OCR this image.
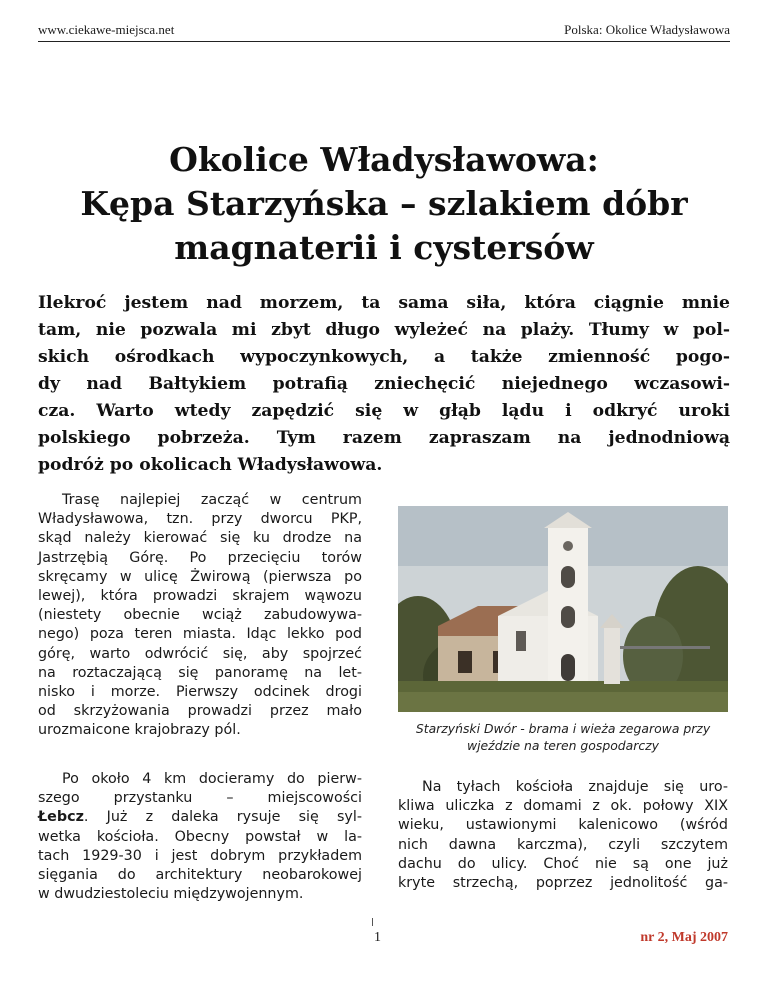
www.ciekawe-miejsca.net	Polska: Okolice Władysławowa
Okolice Władysławowa:
Kępa Starzyńska – szlakiem dóbr
magnaterii i cystersów
Ilekroć jestem nad morzem, ta sama siła, która ciągnie mnie
tam, nie pozwala mi zbyt długo wyleżeć na plaży. Tłumy w pol-
skich ośrodkach wypoczynkowych, a także zmienność pogo-
dy nad Bałtykiem potrafią zniechęcić niejednego wczasowi-
cza. Warto wtedy zapędzić się w głąb lądu i odkryć uroki
polskiego pobrzeża. Tym razem zapraszam na jednodniową
podróż po okolicach Władysławowa.
Trasę najlepiej zacząć w centrum
Władysławowa, tzn. przy dworcu PKP,
skąd należy kierować się ku drodze na
Jastrzębią Górę. Po przecięciu torów
skręcamy w ulicę Żwirową (pierwsza po
lewej), która prowadzi skrajem wąwozu
(niestety obecnie wciąż zabudowywa-
nego) poza teren miasta. Idąc lekko pod
górę, warto odwrócić się, aby spojrzeć
na roztaczającą się panoramę na let-
nisko i morze. Pierwszy odcinek drogi
od skrzyżowania prowadzi przez mało
urozmaicone krajobrazy pól.
Po około 4 km docieramy do pierw-
szego przystanku – miejscowości
Łebcz. Już z daleka rysuje się syl-
wetka kościoła. Obecny powstał w la-
tach 1929-30 i jest dobrym przykładem
sięgania do architektury neobarokowej
w dwudziestoleciu międzywojennym.
Starzyński Dwór - brama i wieża zegarowa przy
wjeździe na teren gospodarczy
Na tyłach kościoła znajduje się uro-
kliwa uliczka z domami z ok. połowy XIX
wieku, ustawionymi kalenicowo (wśród
nich dawna karczma), czyli szczytem
dachu do ulicy. Choć nie są one już
kryte strzechą, poprzez jednolitość ga-
1	nr 2, Maj 2007
